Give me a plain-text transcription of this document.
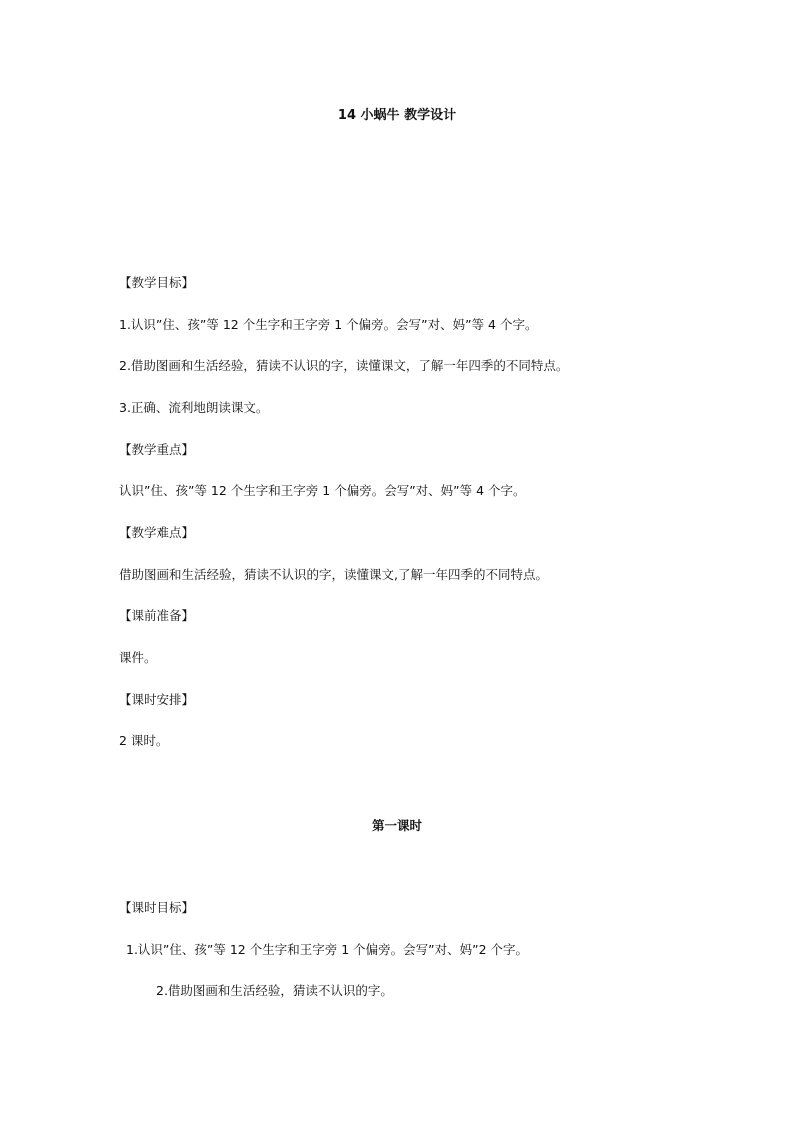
14 小蜗牛 教学设计
【教学目标】
1.认识”住、孩”等 12 个生字和王字旁 1 个偏旁。会写”对、妈”等 4 个字。
2.借助图画和生活经验，猜读不认识的字，读懂课文，了解一年四季的不同特点。
3.正确、流利地朗读课文。
【教学重点】
认识”住、孩”等 12 个生字和王字旁 1 个偏旁。会写”对、妈”等 4 个字。
【教学难点】
借助图画和生活经验，猜读不认识的字，读懂课文,了解一年四季的不同特点。
【课前准备】
课件。
【课时安排】
2 课时。
第一课时
【课时目标】
1.认识”住、孩”等 12 个生字和王字旁 1 个偏旁。会写”对、妈”2 个字。
2.借助图画和生活经验，猜读不认识的字。
